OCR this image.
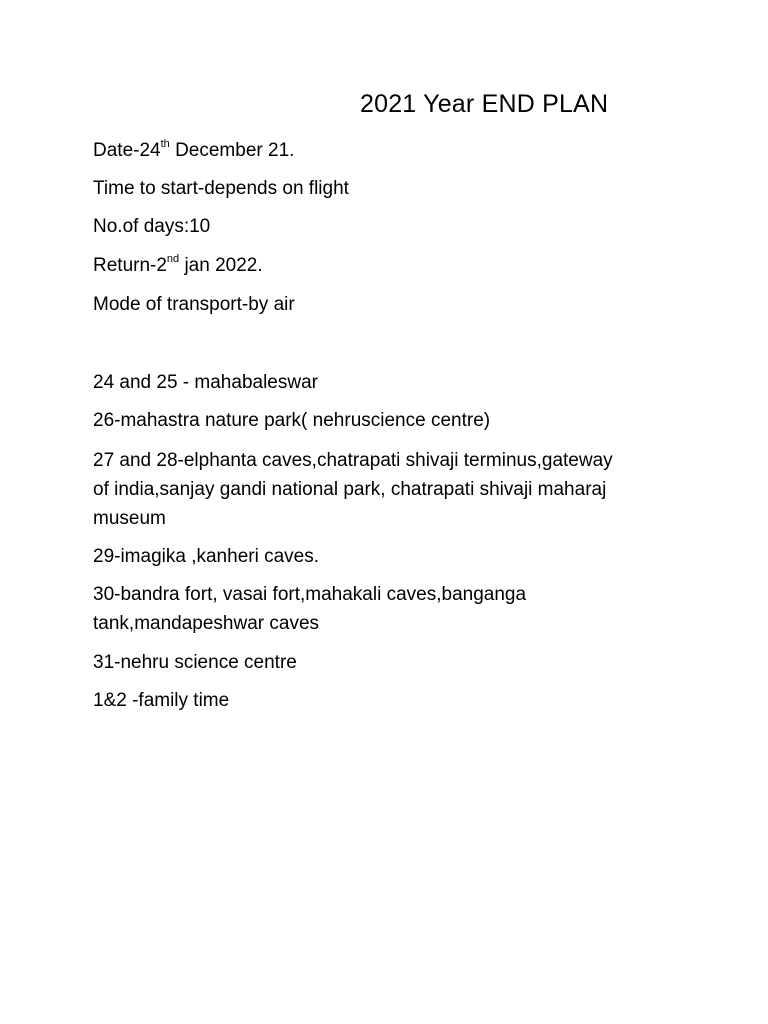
2021 Year END PLAN
Date-24th December 21.
Time to start-depends on flight
No.of days:10
Return-2nd jan 2022.
Mode of transport-by air
24 and 25 - mahabaleswar
26-mahastra nature park( nehruscience centre)
27 and 28-elphanta caves,chatrapati shivaji terminus,gateway of india,sanjay gandi national park, chatrapati shivaji maharaj museum
29-imagika ,kanheri caves.
30-bandra fort, vasai fort,mahakali caves,banganga tank,mandapeshwar caves
31-nehru science centre
1&2 -family time
